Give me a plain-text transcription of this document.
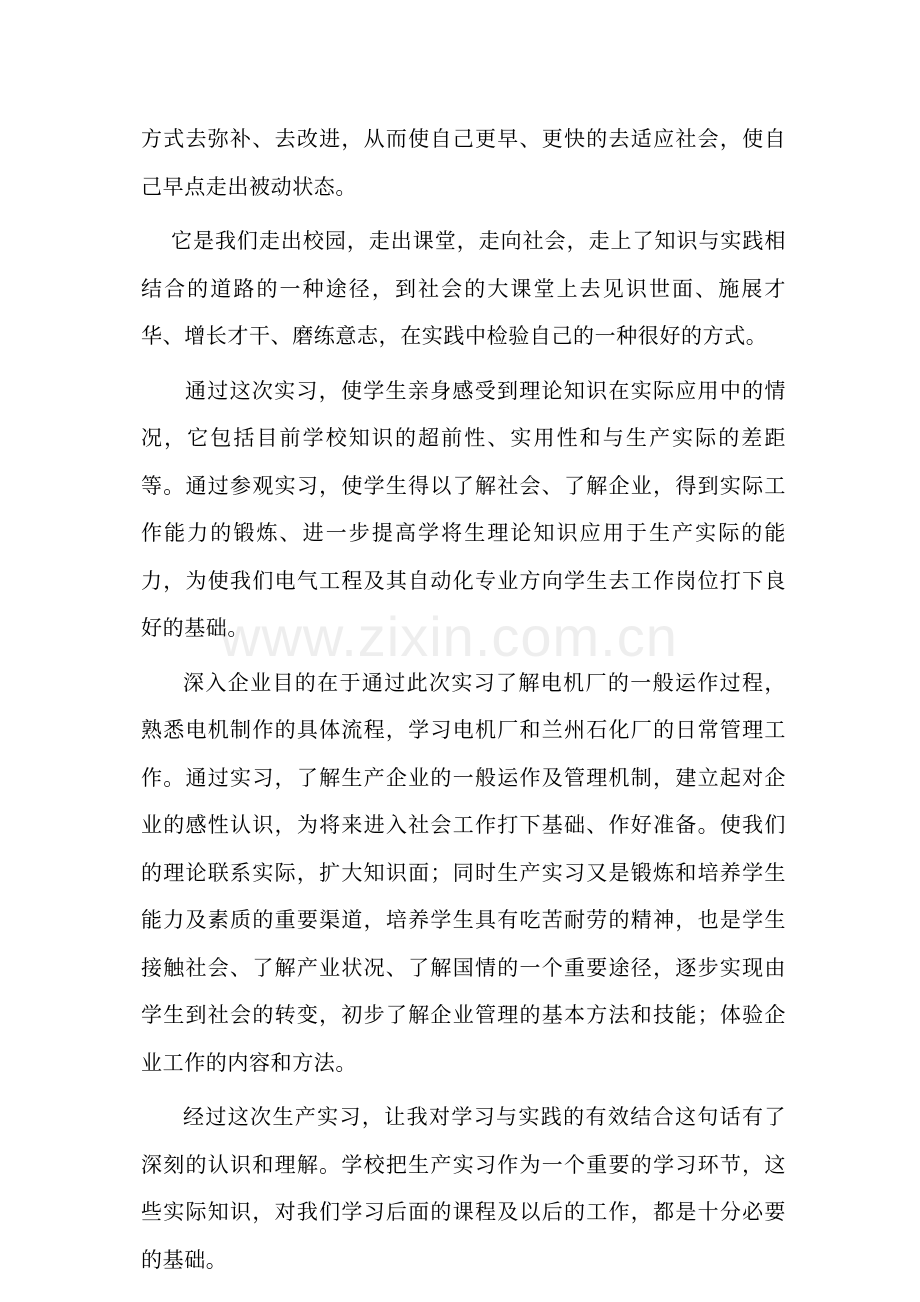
方式去弥补、去改进，从而使自己更早、更快的去适应社会，使自己早点走出被动状态。

它是我们走出校园，走出课堂，走向社会，走上了知识与实践相结合的道路的一种途径，到社会的大课堂上去见识世面、施展才华、增长才干、磨练意志，在实践中检验自己的一种很好的方式。

通过这次实习，使学生亲身感受到理论知识在实际应用中的情况，它包括目前学校知识的超前性、实用性和与生产实际的差距等。通过参观实习，使学生得以了解社会、了解企业，得到实际工作能力的锻炼、进一步提高学将生理论知识应用于生产实际的能力，为使我们电气工程及其自动化专业方向学生去工作岗位打下良好的基础。

深入企业目的在于通过此次实习了解电机厂的一般运作过程，熟悉电机制作的具体流程，学习电机厂和兰州石化厂的日常管理工作。通过实习，了解生产企业的一般运作及管理机制，建立起对企业的感性认识，为将来进入社会工作打下基础、作好准备。使我们的理论联系实际，扩大知识面；同时生产实习又是锻炼和培养学生能力及素质的重要渠道，培养学生具有吃苦耐劳的精神，也是学生接触社会、了解产业状况、了解国情的一个重要途径，逐步实现由学生到社会的转变，初步了解企业管理的基本方法和技能；体验企业工作的内容和方法。

经过这次生产实习，让我对学习与实践的有效结合这句话有了深刻的认识和理解。学校把生产实习作为一个重要的学习环节，这些实际知识，对我们学习后面的课程及以后的工作，都是十分必要的基础。

www.zixin.com.cn
